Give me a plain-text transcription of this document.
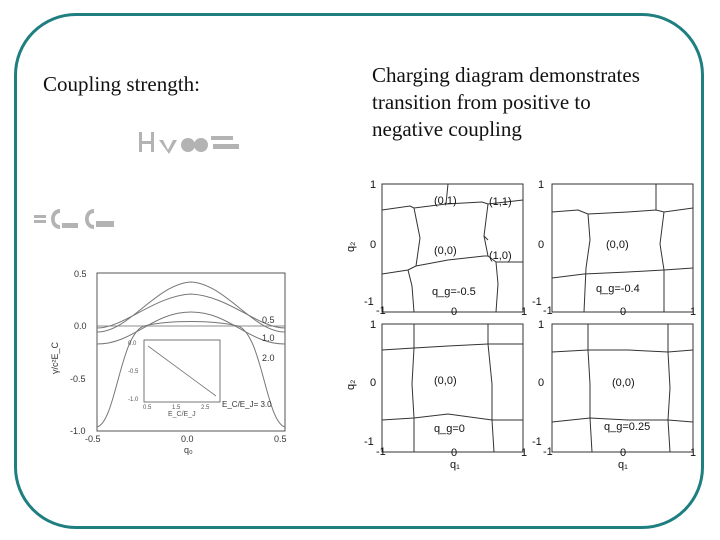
Coupling strength:	Charging diagram demonstrates
transition from positive to
negative coupling
0.0
-0.5
-1.0
0.5	1.5	2.5
E_C/E_J
0.5
1.0
2.0
E_C/E_J= 3.0
0.5
0.0
-0.5
-1.0
-0.5	0.0	0.5
q₀
γ/c²E_C
(0,1)	(1,1)
(0,0)	(1,0)
q_g=-0.5
(0,0)
q_g=-0.4
(0,0)
q_g=0
(0,0)
q_g=0.25
1
0
-1
1
0
-1
-1	0	1 -1	0	1
1
0
-1
1
0
-1
-1	0	1 -1	0	1
q₁	q₁
q₂
q₂
